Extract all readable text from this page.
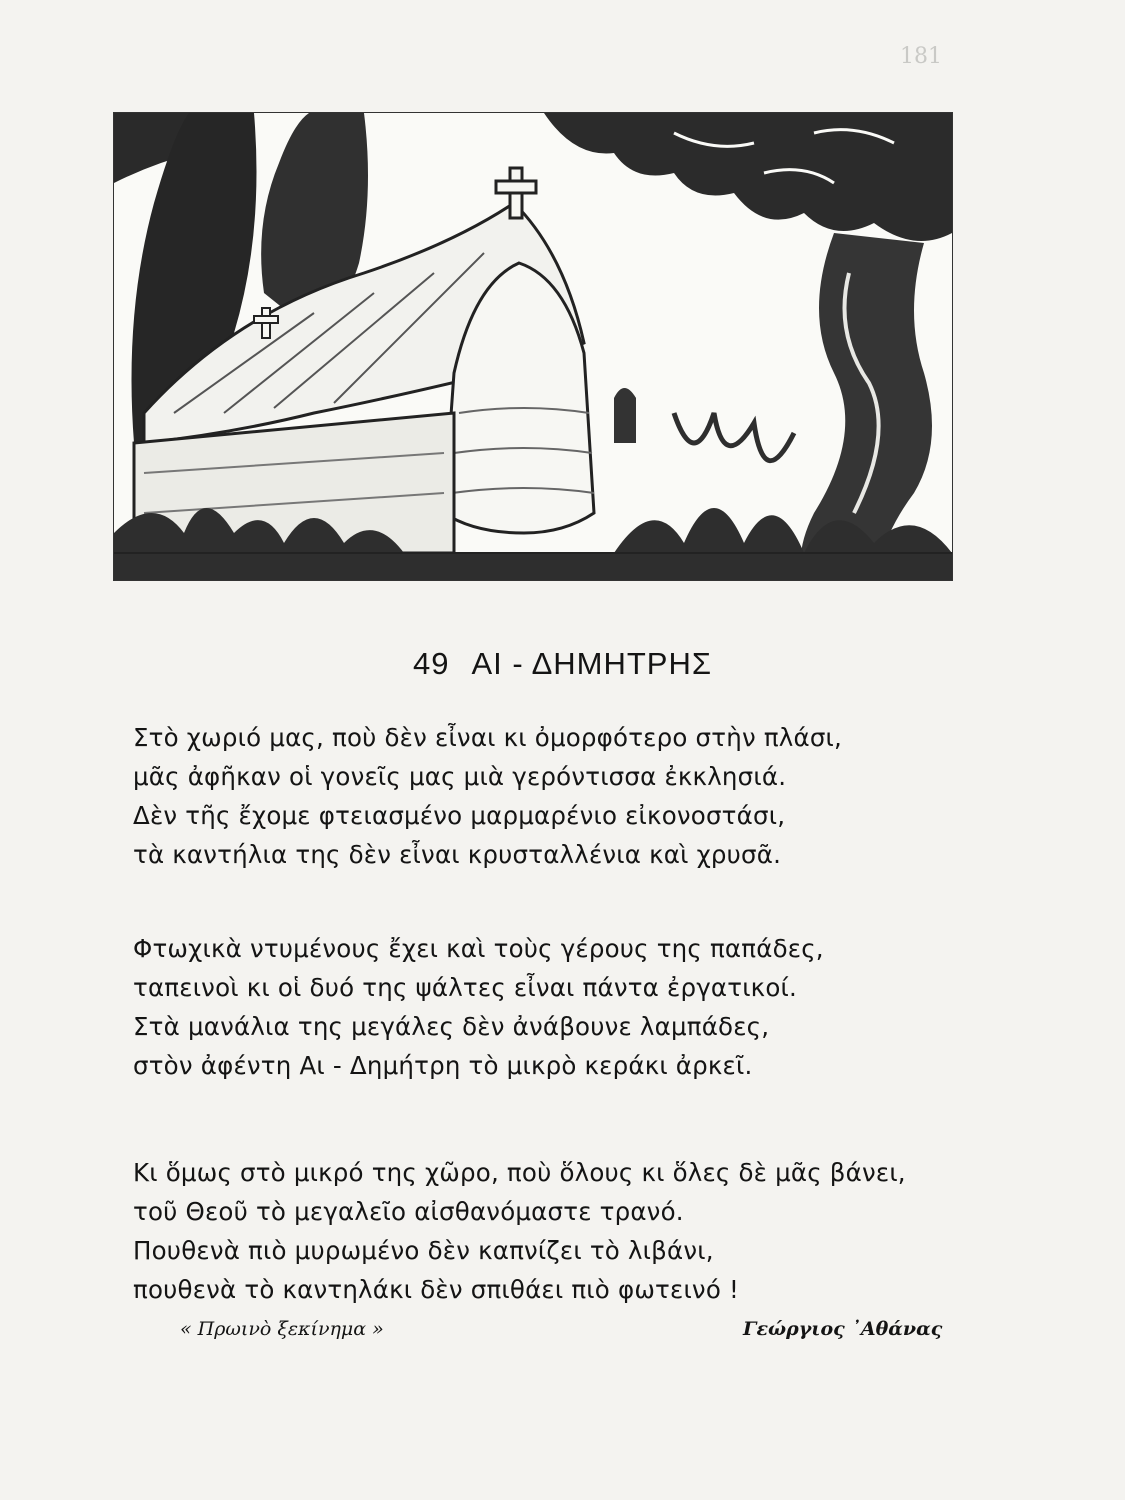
181
49 ΑΙ - ΔΗΜΗΤΡΗΣ
Στὸ χωριό μας, ποὺ δὲν εἶναι κι ὀμορφότερο στὴν πλάσι,
μᾶς ἀφῆκαν οἱ γονεῖς μας μιὰ γερόντισσα ἐκκλησιά.
Δὲν τῆς ἔχομε φτειασμένο μαρμαρένιο εἰκονοστάσι,
τὰ καντήλια της δὲν εἶναι κρυσταλλένια καὶ χρυσᾶ.
Φτωχικὰ ντυμένους ἔχει καὶ τοὺς γέρους της παπάδες,
ταπεινοὶ κι οἱ δυό της ψάλτες εἶναι πάντα ἐργατικοί.
Στὰ μανάλια της μεγάλες δὲν ἀνάβουνε λαμπάδες,
στὸν ἀφέντη Αι - Δημήτρη τὸ μικρὸ κεράκι ἀρκεῖ.
Κι ὅμως στὸ μικρό της χῶρο, ποὺ ὅλους κι ὅλες δὲ μᾶς βάνει,
τοῦ Θεοῦ τὸ μεγαλεῖο αἰσθανόμαστε τρανό.
Πουθενὰ πιὸ μυρωμένο δὲν καπνίζει τὸ λιβάνι,
πουθενὰ τὸ καντηλάκι δὲν σπιθάει πιὸ φωτεινό !
« Πρωινὸ ξεκίνημα »	Γεώργιος ᾿Αθάνας
